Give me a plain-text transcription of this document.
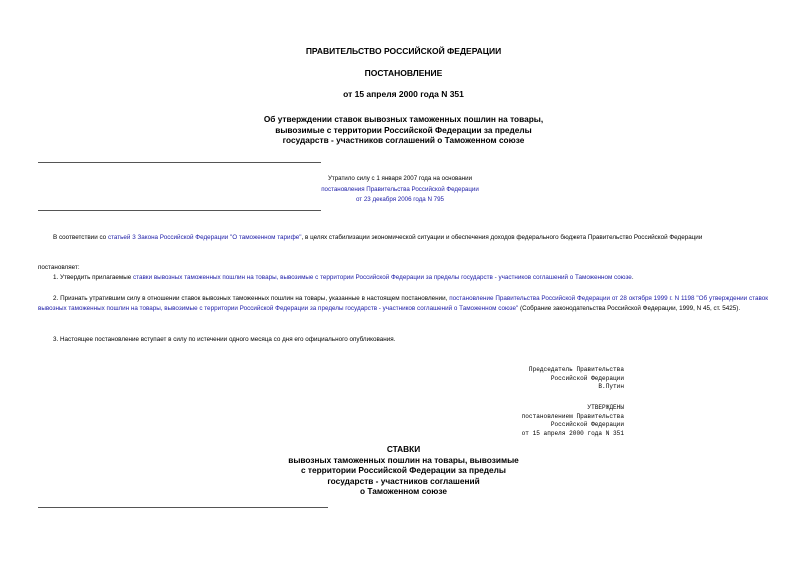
ПРАВИТЕЛЬСТВО РОССИЙСКОЙ ФЕДЕРАЦИИ
ПОСТАНОВЛЕНИЕ
от 15 апреля 2000 года N 351
Об утверждении ставок вывозных таможенных пошлин на товары,
вывозимые с территории Российской Федерации за пределы
государств - участников соглашений о Таможенном союзе
Утратило силу с 1 января 2007 года на основании
постановления Правительства Российской Федерации
от 23 декабря 2006 года N 795
В соответствии со статьей 3 Закона Российской Федерации "О таможенном тарифе", в целях стабилизации экономической ситуации и обеспечения доходов федерального бюджета Правительство Российской Федерации
постановляет:
1. Утвердить прилагаемые ставки вывозных таможенных пошлин на товары, вывозимые с территории Российской Федерации за пределы государств - участников соглашений о Таможенном союзе.
2. Признать утратившим силу в отношении ставок вывозных таможенных пошлин на товары, указанные в настоящем постановлении, постановление Правительства Российской Федерации от 28 октября 1999 г. N 1198 "Об утверждении ставок вывозных таможенных пошлин на товары, вывозимые с территории Российской Федерации за пределы государств - участников соглашений о Таможенном союзе" (Собрание законодательства Российской Федерации, 1999, N 45, ст. 5425).
3. Настоящее постановление вступает в силу по истечении одного месяца со дня его официального опубликования.
Председатель Правительства
Российской Федерации
В.Путин
УТВЕРЖДЕНЫ
постановлением Правительства
Российской Федерации
от 15 апреля 2000 года N 351
СТАВКИ
вывозных таможенных пошлин на товары, вывозимые
с территории Российской Федерации за пределы
государств - участников соглашений
о Таможенном союзе
